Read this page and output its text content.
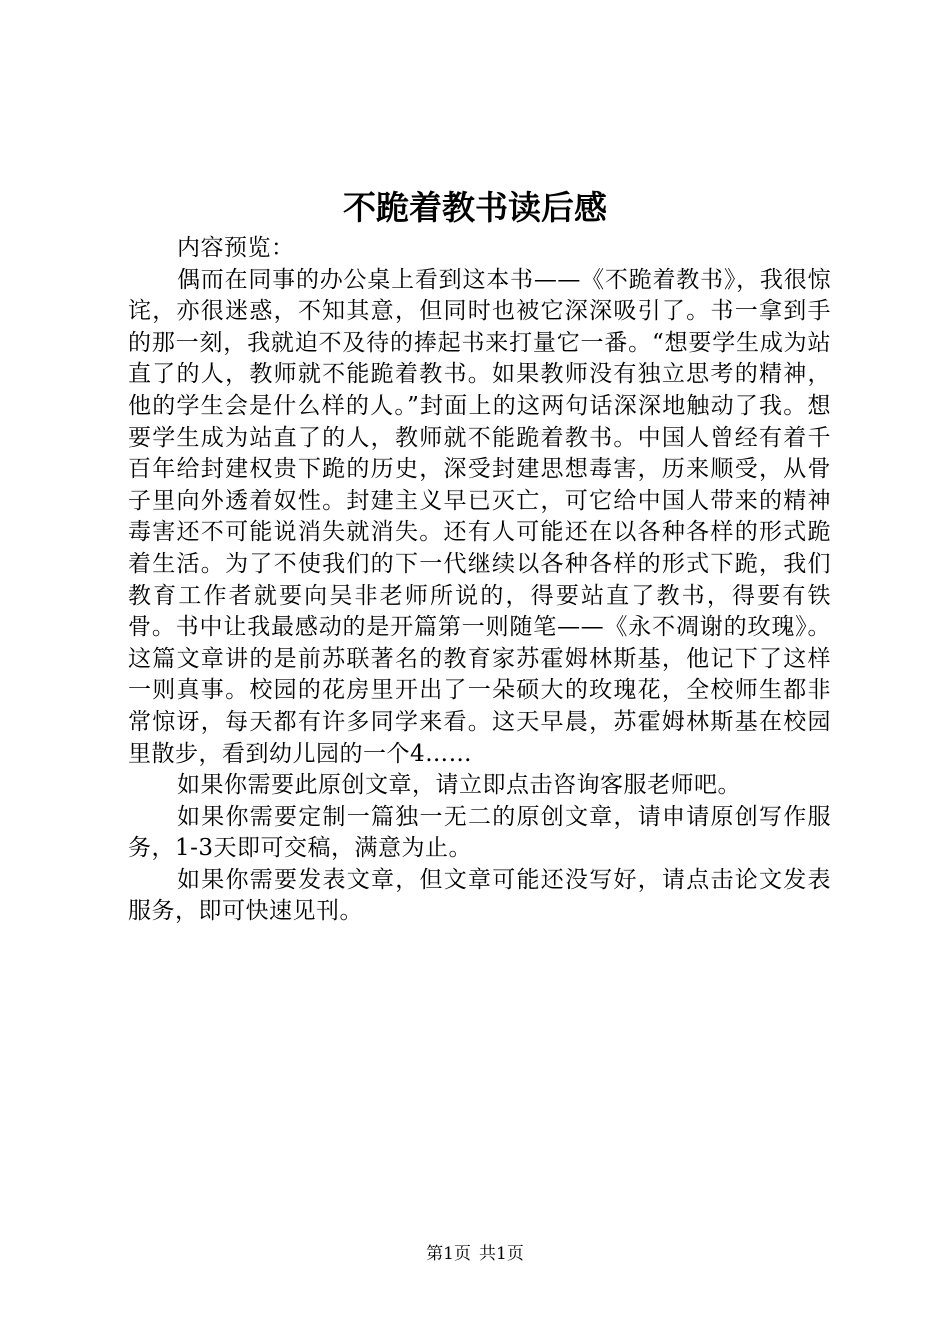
不跪着教书读后感

内容预览：

偶而在同事的办公桌上看到这本书——《不跪着教书》，我很惊诧，亦很迷惑，不知其意，但同时也被它深深吸引了。书一拿到手的那一刻，我就迫不及待的捧起书来打量它一番。“想要学生成为站直了的人，教师就不能跪着教书。如果教师没有独立思考的精神，他的学生会是什么样的人。”封面上的这两句话深深地触动了我。想要学生成为站直了的人，教师就不能跪着教书。中国人曾经有着千百年给封建权贵下跪的历史，深受封建思想毒害，历来顺受，从骨子里向外透着奴性。封建主义早已灭亡，可它给中国人带来的精神毒害还不可能说消失就消失。还有人可能还在以各种各样的形式跪着生活。为了不使我们的下一代继续以各种各样的形式下跪，我们教育工作者就要向吴非老师所说的，得要站直了教书，得要有铁骨。书中让我最感动的是开篇第一则随笔——《永不凋谢的玫瑰》。这篇文章讲的是前苏联著名的教育家苏霍姆林斯基，他记下了这样一则真事。校园的花房里开出了一朵硕大的玫瑰花，全校师生都非常惊讶，每天都有许多同学来看。这天早晨，苏霍姆林斯基在校园里散步，看到幼儿园的一个4……

如果你需要此原创文章，请立即点击咨询客服老师吧。

如果你需要定制一篇独一无二的原创文章，请申请原创写作服务，1-3天即可交稿，满意为止。

如果你需要发表文章，但文章可能还没写好，请点击论文发表服务，即可快速见刊。

第1页 共1页
